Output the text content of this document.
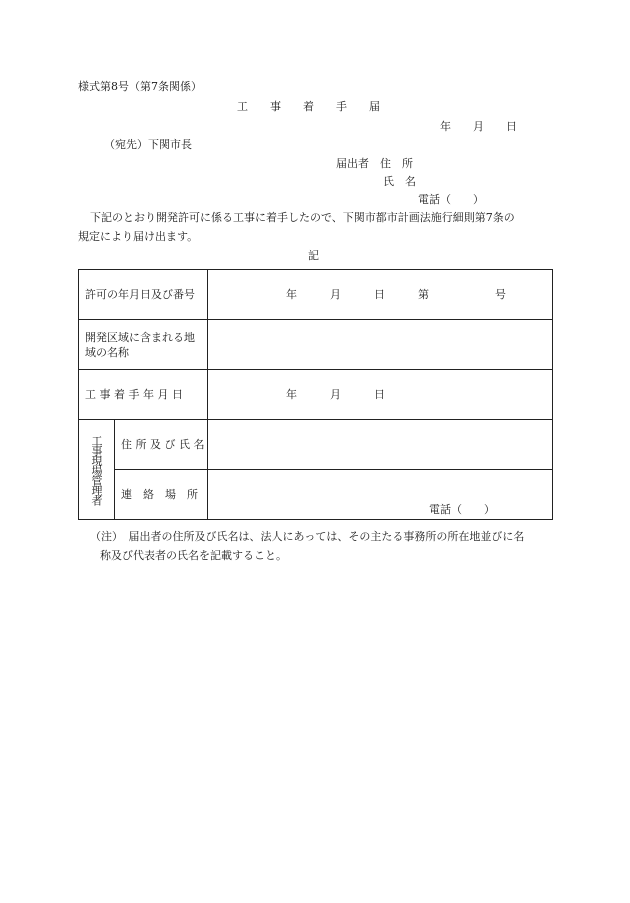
様式第8号（第7条関係）
工　　事　　着　　手　　届
年　　月　　日
（宛先）下関市長
届出者　住　所
氏　名
電話（　　）
下記のとおり開発許可に係る工事に着手したので、下関市都市計画法施行細則第7条の
規定により届け出ます。
記
許可の年月日及び番号		年　　　月　　　日　　　第　　　　　　号

開発区域に含まれる地
域の名称		

工 事 着 手 年 月 日		年　　　月　　　日

工事現場管理者	住 所 及 び 氏 名	
	連　絡　場　所	電話（　　）
（注）　届出者の住所及び氏名は、法人にあっては、その主たる事務所の所在地並びに名
称及び代表者の氏名を記載すること。
